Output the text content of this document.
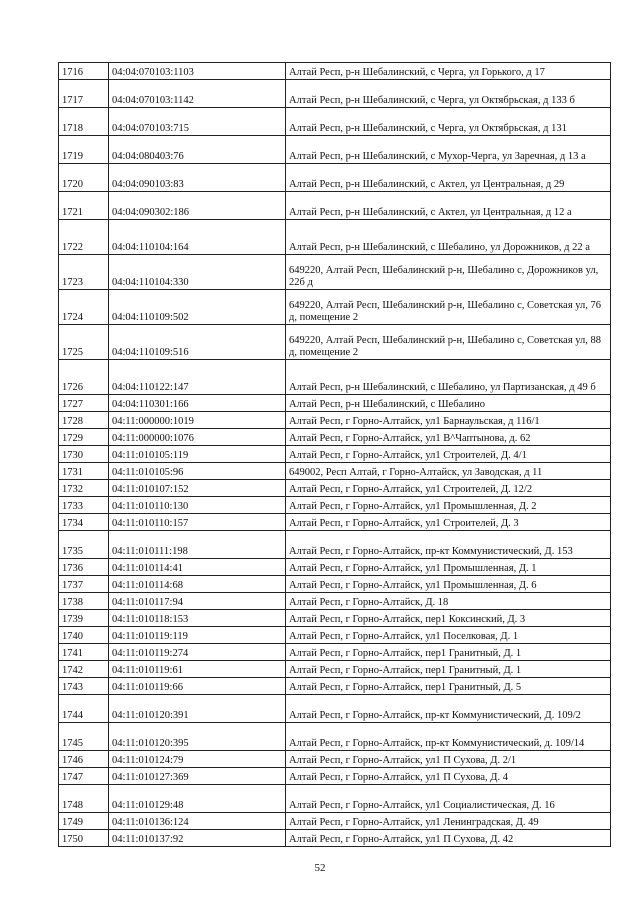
1716	04:04:070103:1103	Алтай Респ, р-н Шебалинский, с Черга, ул Горького, д 17
1717	04:04:070103:1142	Алтай Респ, р-н Шебалинский, с Черга, ул Октябрьская, д 133 б
1718	04:04:070103:715	Алтай Респ, р-н Шебалинский, с Черга, ул Октябрьская, д 131
1719	04:04:080403:76	Алтай Респ, р-н Шебалинский, с Мухор-Черга, ул Заречная, д 13 а
1720	04:04:090103:83	Алтай Респ, р-н Шебалинский, с Актел, ул Центральная, д 29
1721	04:04:090302:186	Алтай Респ, р-н Шебалинский, с Актел, ул Центральная, д 12 а
1722	04:04:110104:164	Алтай Респ, р-н Шебалинский, с Шебалино, ул Дорожников, д 22 а
1723	04:04:110104:330	649220, Алтай Респ, Шебалинский р-н, Шебалино с, Дорожников ул, 22б д
1724	04:04:110109:502	649220, Алтай Респ, Шебалинский р-н, Шебалино с, Советская ул, 76 д, помещение 2
1725	04:04:110109:516	649220, Алтай Респ, Шебалинский р-н, Шебалино с, Советская ул, 88 д, помещение 2
1726	04:04:110122:147	Алтай Респ, р-н Шебалинский, с Шебалино, ул Партизанская, д 49 б
1727	04:04:110301:166	Алтай Респ, р-н Шебалинский, с Шебалино
1728	04:11:000000:1019	Алтай Респ, г Горно-Алтайск, ул1 Барнаульская, д 116/1
1729	04:11:000000:1076	Алтай Респ, г Горно-Алтайск, ул1 В^Чаптынова, д. 62
1730	04:11:010105:119	Алтай Респ, г Горно-Алтайск, ул1 Строителей, Д. 4/1
1731	04:11:010105:96	649002, Респ Алтай, г Горно-Алтайск, ул Заводская, д 11
1732	04:11:010107:152	Алтай Респ, г Горно-Алтайск, ул1 Строителей, Д. 12/2
1733	04:11:010110:130	Алтай Респ, г Горно-Алтайск, ул1 Промышленная, Д. 2
1734	04:11:010110:157	Алтай Респ, г Горно-Алтайск, ул1 Строителей, Д. 3
1735	04:11:010111:198	Алтай Респ, г Горно-Алтайск, пр-кт Коммунистический, Д. 153
1736	04:11:010114:41	Алтай Респ, г Горно-Алтайск, ул1 Промышленная, Д. 1
1737	04:11:010114:68	Алтай Респ, г Горно-Алтайск, ул1 Промышленная, Д. 6
1738	04:11:010117:94	Алтай Респ, г Горно-Алтайск, Д. 18
1739	04:11:010118:153	Алтай Респ, г Горно-Алтайск, пер1 Коксинский, Д. 3
1740	04:11:010119:119	Алтай Респ, г Горно-Алтайск, ул1 Поселковая, Д. 1
1741	04:11:010119:274	Алтай Респ, г Горно-Алтайск, пер1 Гранитный, Д. 1
1742	04:11:010119:61	Алтай Респ, г Горно-Алтайск, пер1 Гранитный, Д. 1
1743	04:11:010119:66	Алтай Респ, г Горно-Алтайск, пер1 Гранитный, Д. 5
1744	04:11:010120:391	Алтай Респ, г Горно-Алтайск, пр-кт Коммунистический, Д. 109/2
1745	04:11:010120:395	Алтай Респ, г Горно-Алтайск, пр-кт Коммунистический, д. 109/14
1746	04:11:010124:79	Алтай Респ, г Горно-Алтайск, ул1 П Сухова, Д. 2/1
1747	04:11:010127:369	Алтай Респ, г Горно-Алтайск, ул1 П Сухова, Д. 4
1748	04:11:010129:48	Алтай Респ, г Горно-Алтайск, ул1 Социалистическая, Д. 16
1749	04:11:010136:124	Алтай Респ, г Горно-Алтайск, ул1 Ленинградская, Д. 49
1750	04:11:010137:92	Алтай Респ, г Горно-Алтайск, ул1 П Сухова, Д. 42
52
